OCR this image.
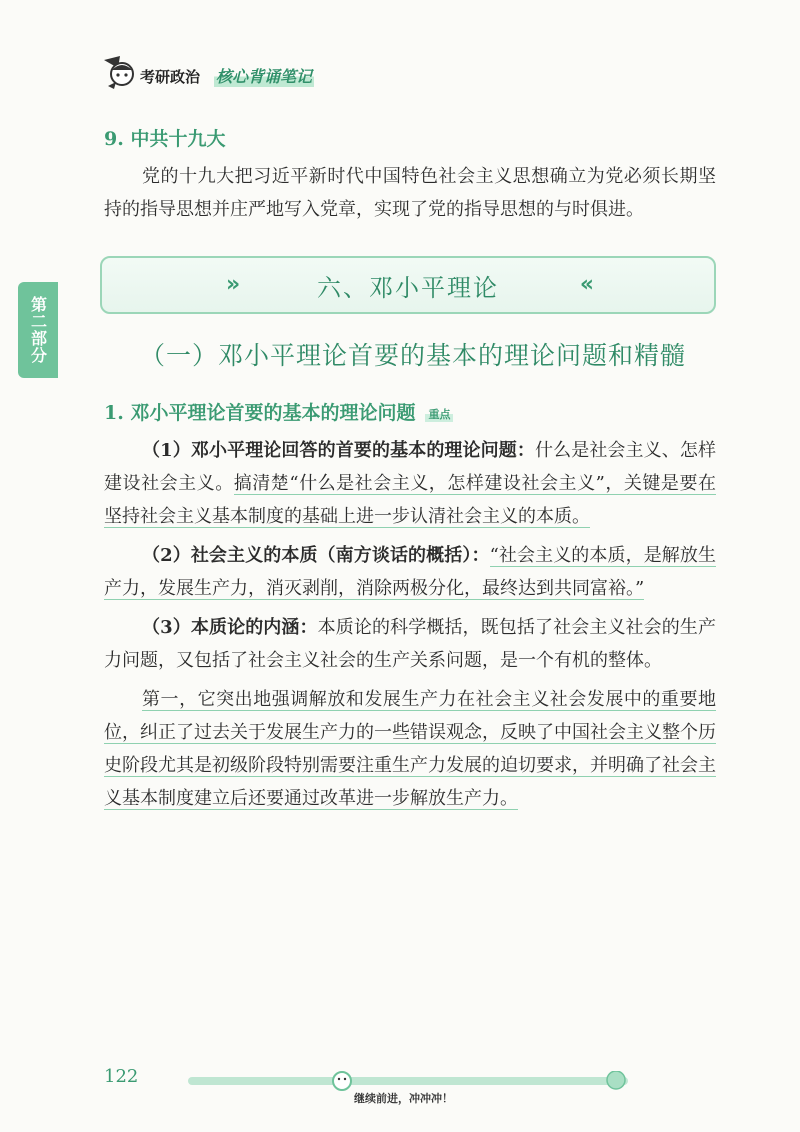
考研政治 核心背诵笔记
第二部分
9. 中共十九大

党的十九大把习近平新时代中国特色社会主义思想确立为党必须长期坚持的指导思想并庄严地写入党章，实现了党的指导思想的与时俱进。

››	六、邓小平理论	‹‹
（一）邓小平理论首要的基本的理论问题和精髓
1. 邓小平理论首要的基本的理论问题 重点

（1）邓小平理论回答的首要的基本的理论问题：什么是社会主义、怎样建设社会主义。搞清楚“什么是社会主义，怎样建设社会主义”，关键是要在坚持社会主义基本制度的基础上进一步认清社会主义的本质。

（2）社会主义的本质（南方谈话的概括）：“社会主义的本质，是解放生产力，发展生产力，消灭剥削，消除两极分化，最终达到共同富裕。”

（3）本质论的内涵：本质论的科学概括，既包括了社会主义社会的生产力问题，又包括了社会主义社会的生产关系问题，是一个有机的整体。

第一，它突出地强调解放和发展生产力在社会主义社会发展中的重要地位，纠正了过去关于发展生产力的一些错误观念，反映了中国社会主义整个历史阶段尤其是初级阶段特别需要注重生产力发展的迫切要求，并明确了社会主义基本制度建立后还要通过改革进一步解放生产力。

122
继续前进，冲冲冲！
